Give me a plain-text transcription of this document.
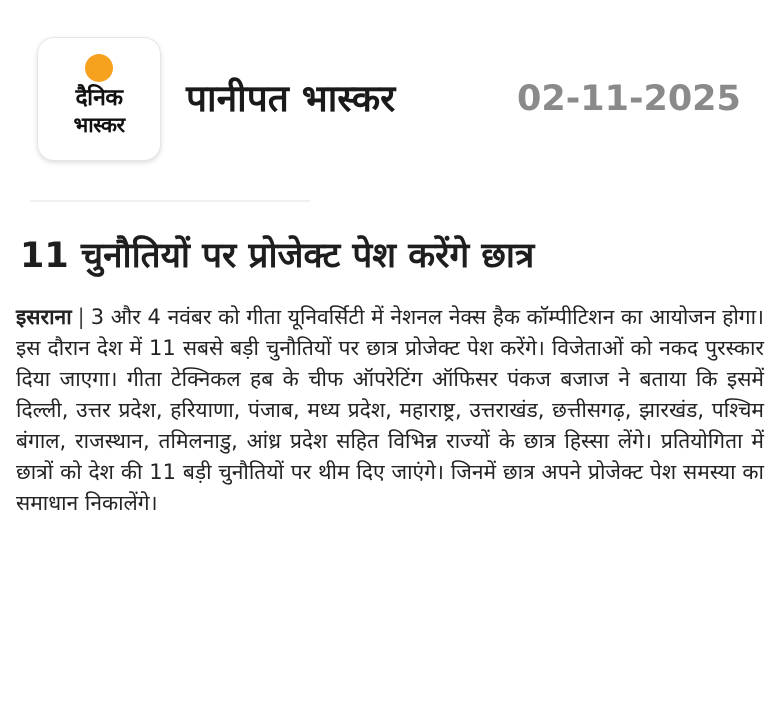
दैनिक
भास्कर
पानीपत भास्कर	02-11-2025
11 चुनौतियों पर प्रोजेक्ट पेश करेंगे छात्र
इसराना | 3 और 4 नवंबर को गीता यूनिवर्सिटी में नेशनल नेक्स हैक कॉम्पीटिशन का आयोजन होगा। इस दौरान देश में 11 सबसे बड़ी चुनौतियों पर छात्र प्रोजेक्ट पेश करेंगे। विजेताओं को नकद पुरस्कार दिया जाएगा। गीता टेक्निकल हब के चीफ ऑपरेटिंग ऑफिसर पंकज बजाज ने बताया कि इसमें दिल्ली, उत्तर प्रदेश, हरियाणा, पंजाब, मध्य प्रदेश, महाराष्ट्र, उत्तराखंड, छत्तीसगढ़, झारखंड, पश्चिम बंगाल, राजस्थान, तमिलनाडु, आंध्र प्रदेश सहित विभिन्न राज्यों के छात्र हिस्सा लेंगे। प्रतियोगिता में छात्रों को देश की 11 बड़ी चुनौतियों पर थीम दिए जाएंगे। जिनमें छात्र अपने प्रोजेक्ट पेश समस्या का समाधान निकालेंगे।
